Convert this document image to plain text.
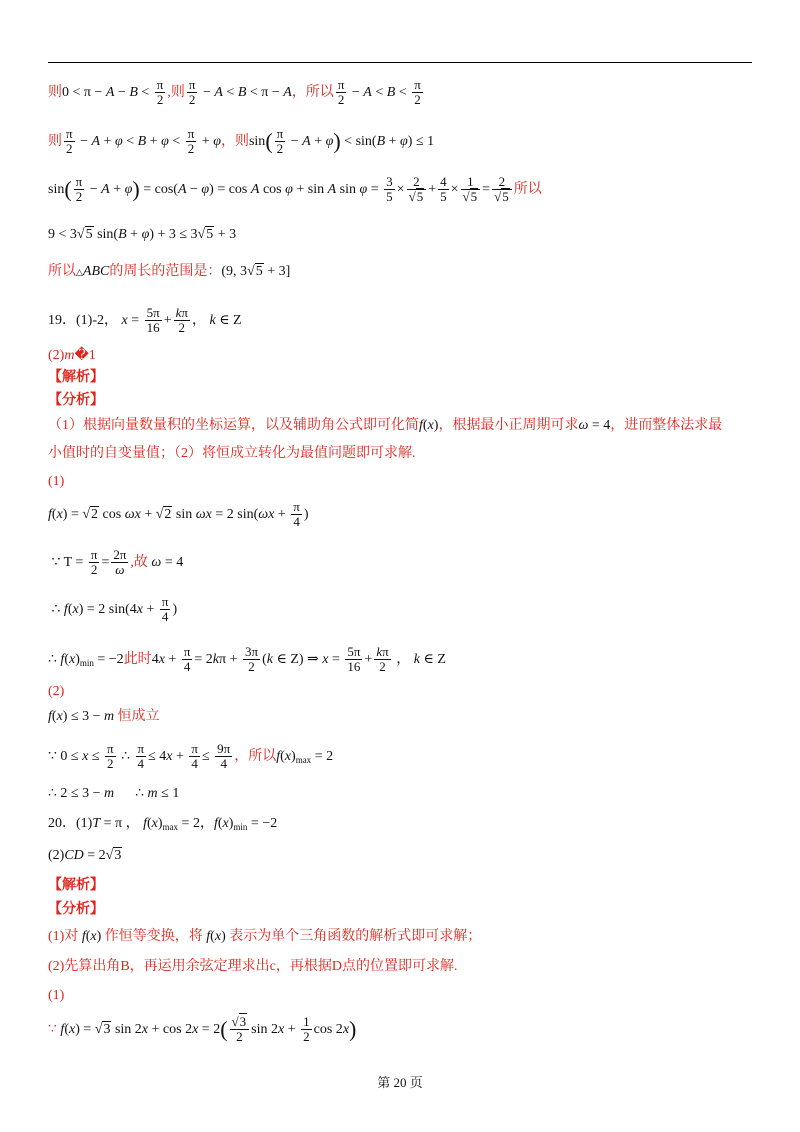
则$0 < \pi - A - B < \frac{\pi}{2}$ ,则 $\frac{\pi}{2} - A < B < \pi - A$，所以 $\frac{\pi}{2} - A < B < \frac{\pi}{2}$
则 $\frac{\pi}{2} - A + \varphi < B + \varphi < \frac{\pi}{2} + \varphi$，则$\sin( \frac{\pi}{2} - A + \varphi) < \sin(B + \varphi) \le 1$
$\sin( \frac{\pi}{2} - A + \varphi) = \cos(A - \varphi) = \cos A$ cos φ + sin A $\sin \varphi = \frac{3}{5} \times \frac{2}{√5} + \frac{4}{5} \times \frac{1}{√5} = \frac{2}{√5}$ 所以
9 < 3√5 sin(B + φ) + 3 ≤ 3√5 + 3
所以△ABC的周长的范围是：(9, 3√5 + 3]
19．(1)-2， $x = \frac{5\pi}{16} + \frac{k\pi}{2}$ ， k ∈ Z
(2)m�1
【解析】
【分析】
（1）根据向量数量积的坐标运算，以及辅助角公式即可化简f(x)，根据最小正周期可求ω = 4，进而整体法求最
小值时的自变量值；（2）将恒成立转化为最值问题即可求解.
(1)
f(x) = √2 cos ωx + √2 sin ωx = 2 $\sin(\omega x + \frac{\pi}{4}$ )
∵ $T = \frac{\pi}{2} = \frac{2\pi}{\omega}$ ,故 ω = 4
∴ f(x) = 2 $\sin(4x + \frac{\pi}{4}$ )
∴ $f(x)_{min} = -2$此时$4x + \frac{\pi}{4} = 2k\pi + \frac{3\pi}{2} (k$ ∈ Z) ⇒ $x = \frac{5\pi}{16} + \frac{k\pi}{2}$ ， k ∈ Z
(2)
f(x) ≤ 3 − m 恒成立
∵ $0 \le x \le \frac{\pi}{2}$ ∴ $\frac{\pi}{4} \le 4x + \frac{\pi}{4} \le \frac{9\pi}{4}$ ，所以$f(x)_{max} = 2$
∴ 2 ≤ 3 − m      ∴ m ≤ 1
20．(1)T = π ， $f(x)_{max} = 2$，$f(x)_{min} = -2$
(2)CD = 2√3
【解析】
【分析】
(1)对 f(x) 作恒等变换，将 f(x) 表示为单个三角函数的解析式即可求解；
(2)先算出角B，再运用余弦定理求出c，再根据D点的位置即可求解.
(1)
∵ f(x) = √3 $\sin 2x + \cos 2x = 2( \frac{√3}{2}$ $\sin 2x + \frac{1}{2}$ cos 2x)
第 20 页
